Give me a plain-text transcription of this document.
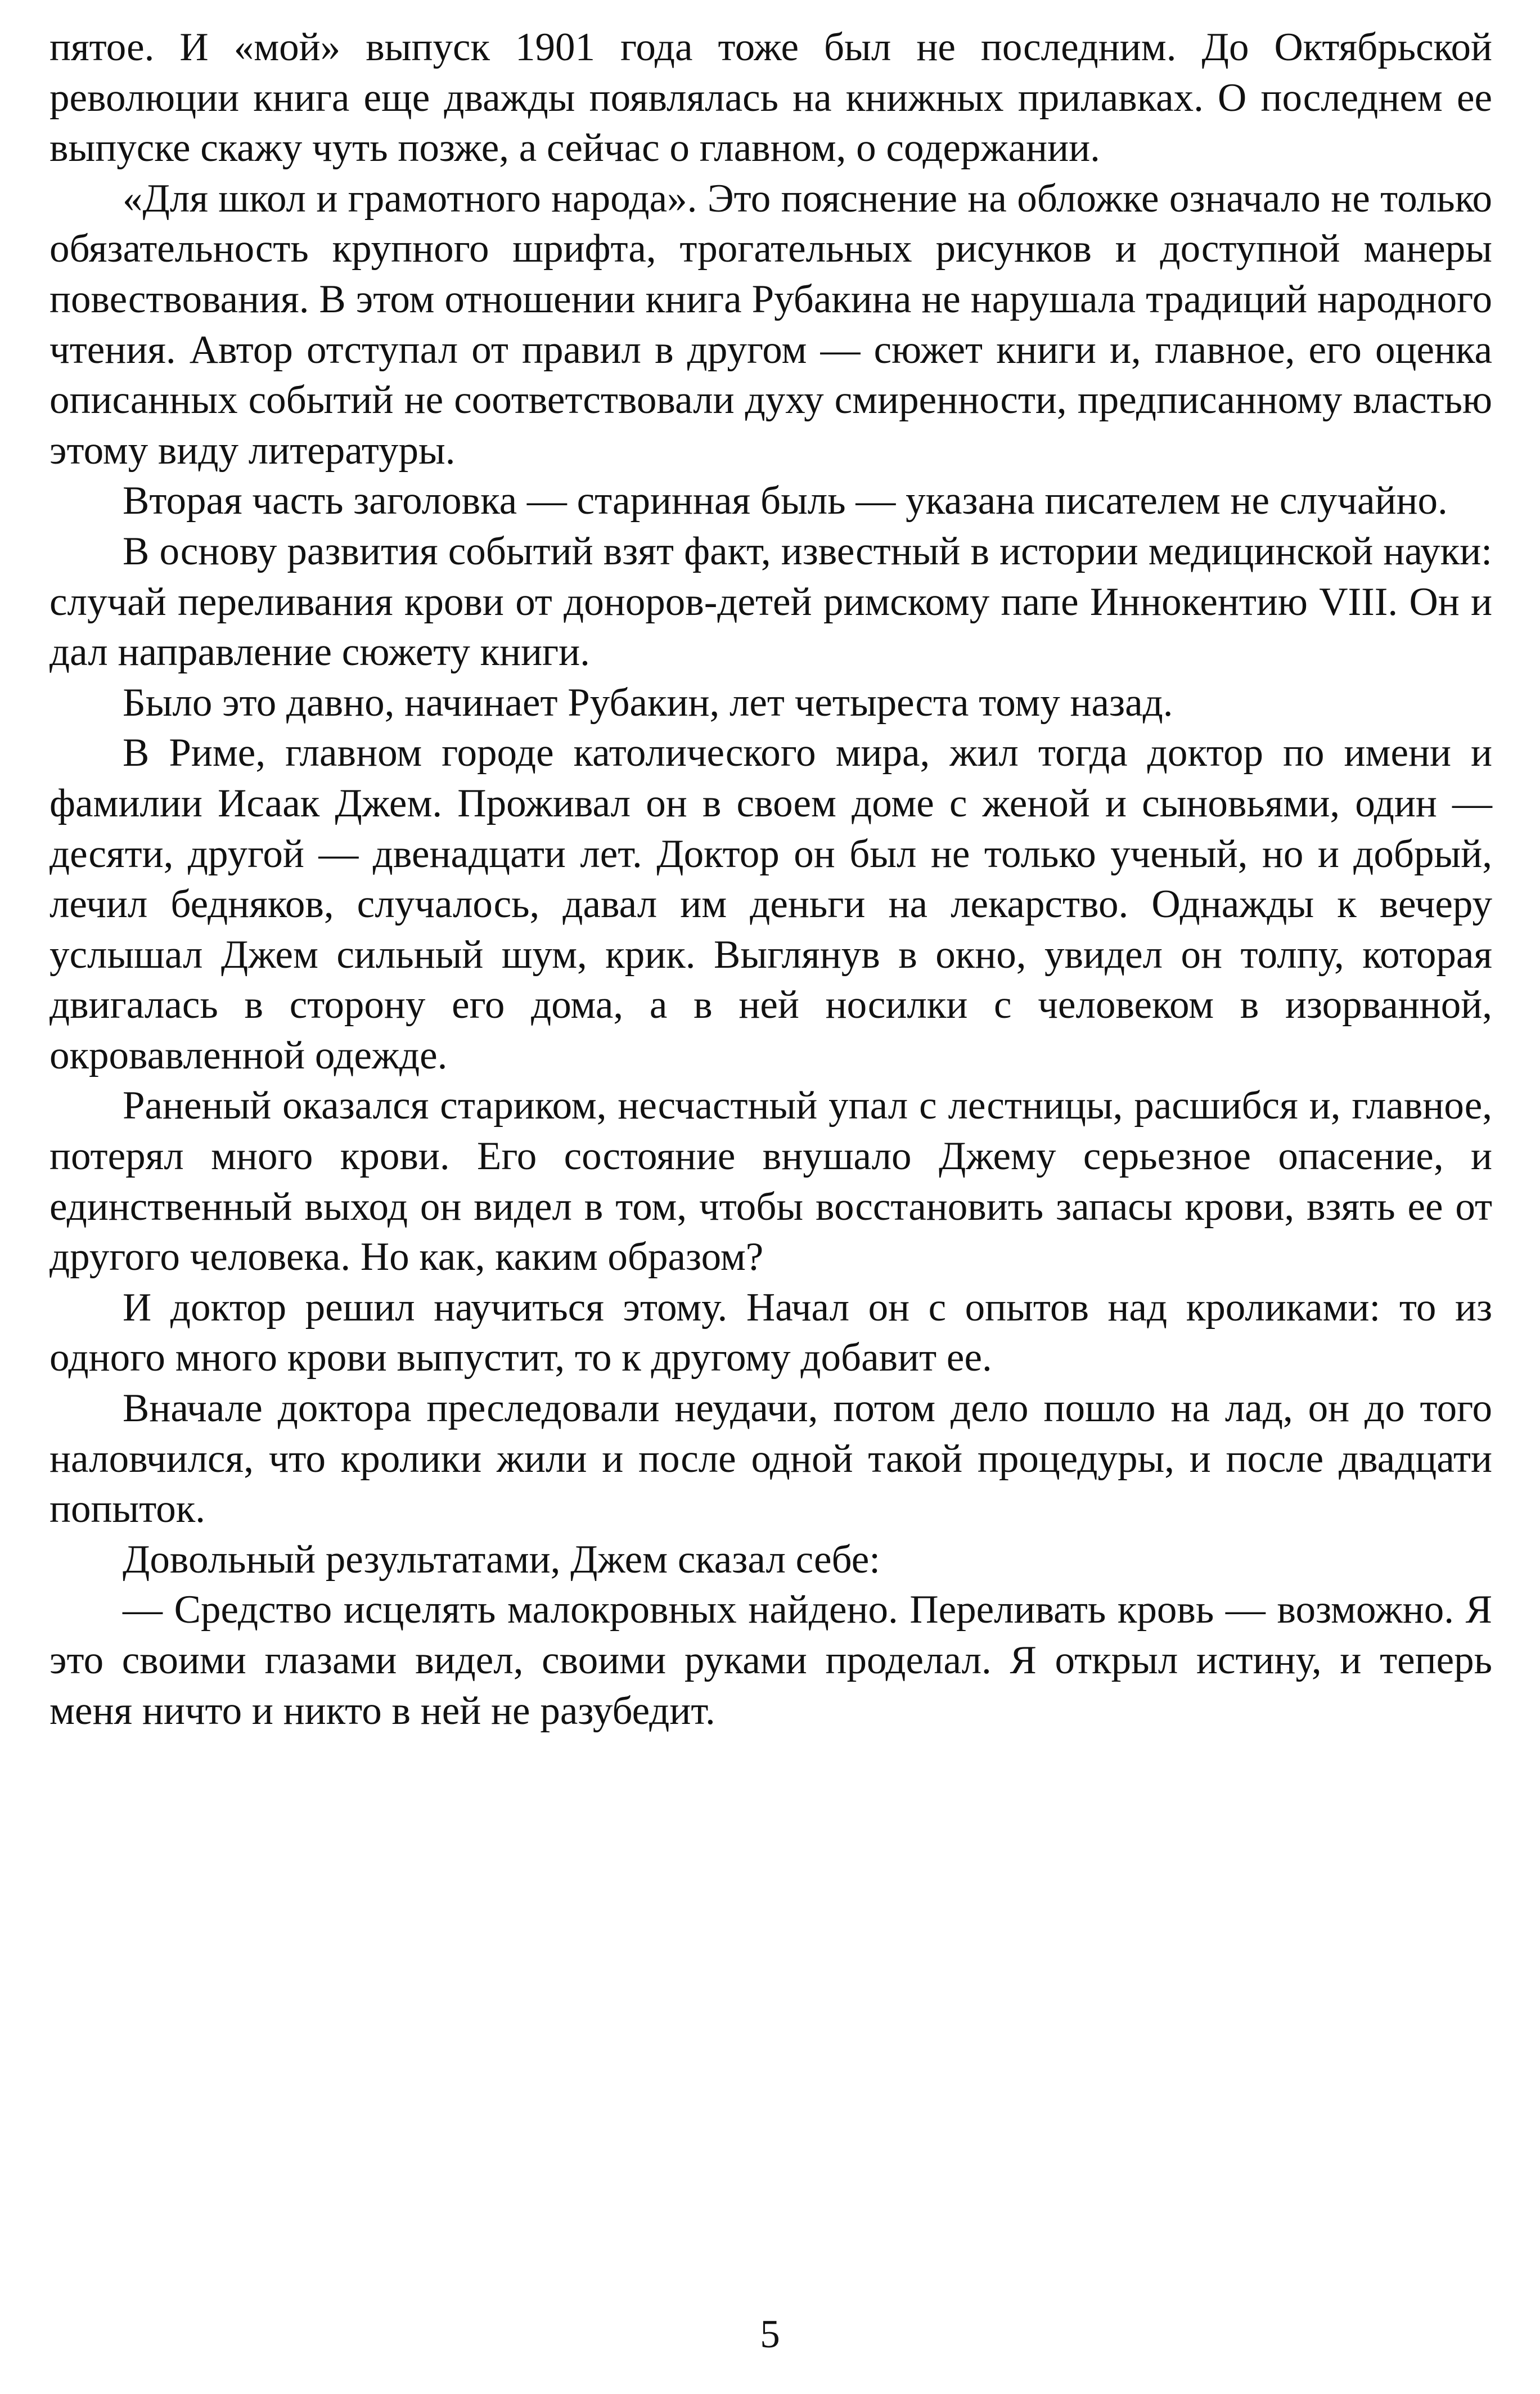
пятое. И «мой» выпуск 1901 года тоже был не последним. До Октябрьской революции книга еще дважды появлялась на книжных прилавках. О последнем ее выпуске скажу чуть позже, а сейчас о главном, о содержании.

«Для школ и грамотного народа». Это пояснение на обложке означало не только обязательность крупного шрифта, трогательных рисунков и доступной манеры повествования. В этом отношении книга Рубакина не нарушала традиций народного чтения. Автор отступал от правил в другом — сюжет книги и, главное, его оценка описанных событий не соответствовали духу смиренности, предписанному властью этому виду литературы.

Вторая часть заголовка — старинная быль — указана писателем не случайно.

В основу развития событий взят факт, известный в истории медицинской науки: случай переливания крови от доноров-детей римскому папе Иннокентию VIII. Он и дал направление сюжету книги.

Было это давно, начинает Рубакин, лет четыреста тому назад.

В Риме, главном городе католического мира, жил тогда доктор по имени и фамилии Исаак Джем. Проживал он в своем доме с женой и сыновьями, один — десяти, другой — двенадцати лет. Доктор он был не только ученый, но и добрый, лечил бедняков, случалось, давал им деньги на лекарство. Однажды к вечеру услышал Джем сильный шум, крик. Выглянув в окно, увидел он толпу, которая двигалась в сторону его дома, а в ней носилки с человеком в изорванной, окровавленной одежде.

Раненый оказался стариком, несчастный упал с лестницы, расшибся и, главное, потерял много крови. Его состояние внушало Джему серьезное опасение, и единственный выход он видел в том, чтобы восстановить запасы крови, взять ее от другого человека. Но как, каким образом?

И доктор решил научиться этому. Начал он с опытов над кроликами: то из одного много крови выпустит, то к другому добавит ее.

Вначале доктора преследовали неудачи, потом дело пошло на лад, он до того наловчился, что кролики жили и после одной такой процедуры, и после двадцати попыток.

Довольный результатами, Джем сказал себе:

— Средство исцелять малокровных найдено. Переливать кровь — возможно. Я это своими глазами видел, своими руками проделал. Я открыл истину, и теперь меня ничто и никто в ней не разубедит.

5
